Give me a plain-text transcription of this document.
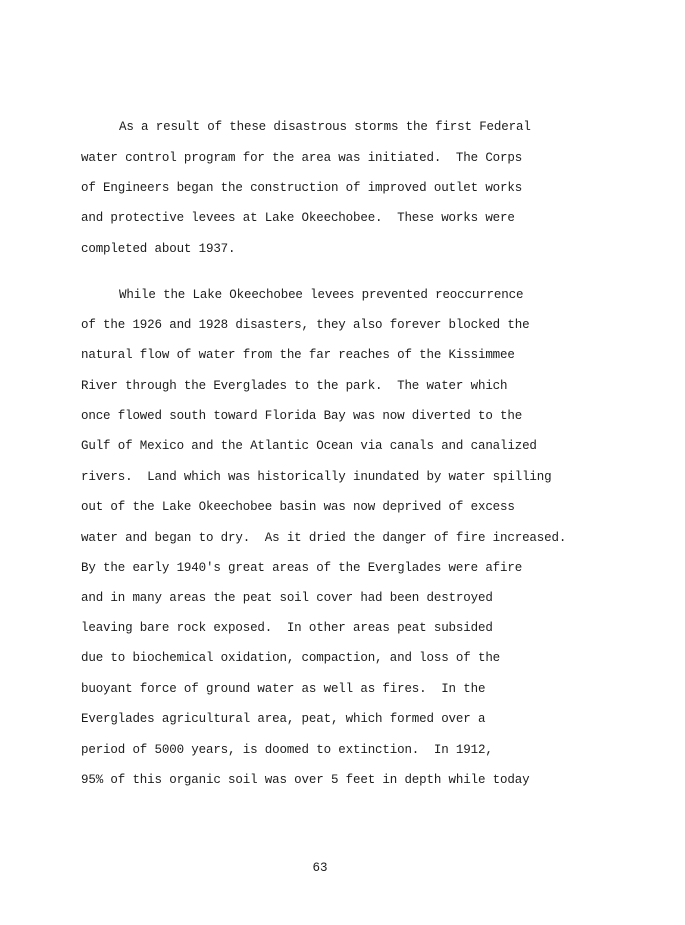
As a result of these disastrous storms the first Federal
water control program for the area was initiated.  The Corps
of Engineers began the construction of improved outlet works
and protective levees at Lake Okeechobee.  These works were
completed about 1937.
While the Lake Okeechobee levees prevented reoccurrence
of the 1926 and 1928 disasters, they also forever blocked the
natural flow of water from the far reaches of the Kissimmee
River through the Everglades to the park.  The water which
once flowed south toward Florida Bay was now diverted to the
Gulf of Mexico and the Atlantic Ocean via canals and canalized
rivers.  Land which was historically inundated by water spilling
out of the Lake Okeechobee basin was now deprived of excess
water and began to dry.  As it dried the danger of fire increased.
By the early 1940's great areas of the Everglades were afire
and in many areas the peat soil cover had been destroyed
leaving bare rock exposed.  In other areas peat subsided
due to biochemical oxidation, compaction, and loss of the
buoyant force of ground water as well as fires.  In the
Everglades agricultural area, peat, which formed over a
period of 5000 years, is doomed to extinction.  In 1912,
95% of this organic soil was over 5 feet in depth while today
63
